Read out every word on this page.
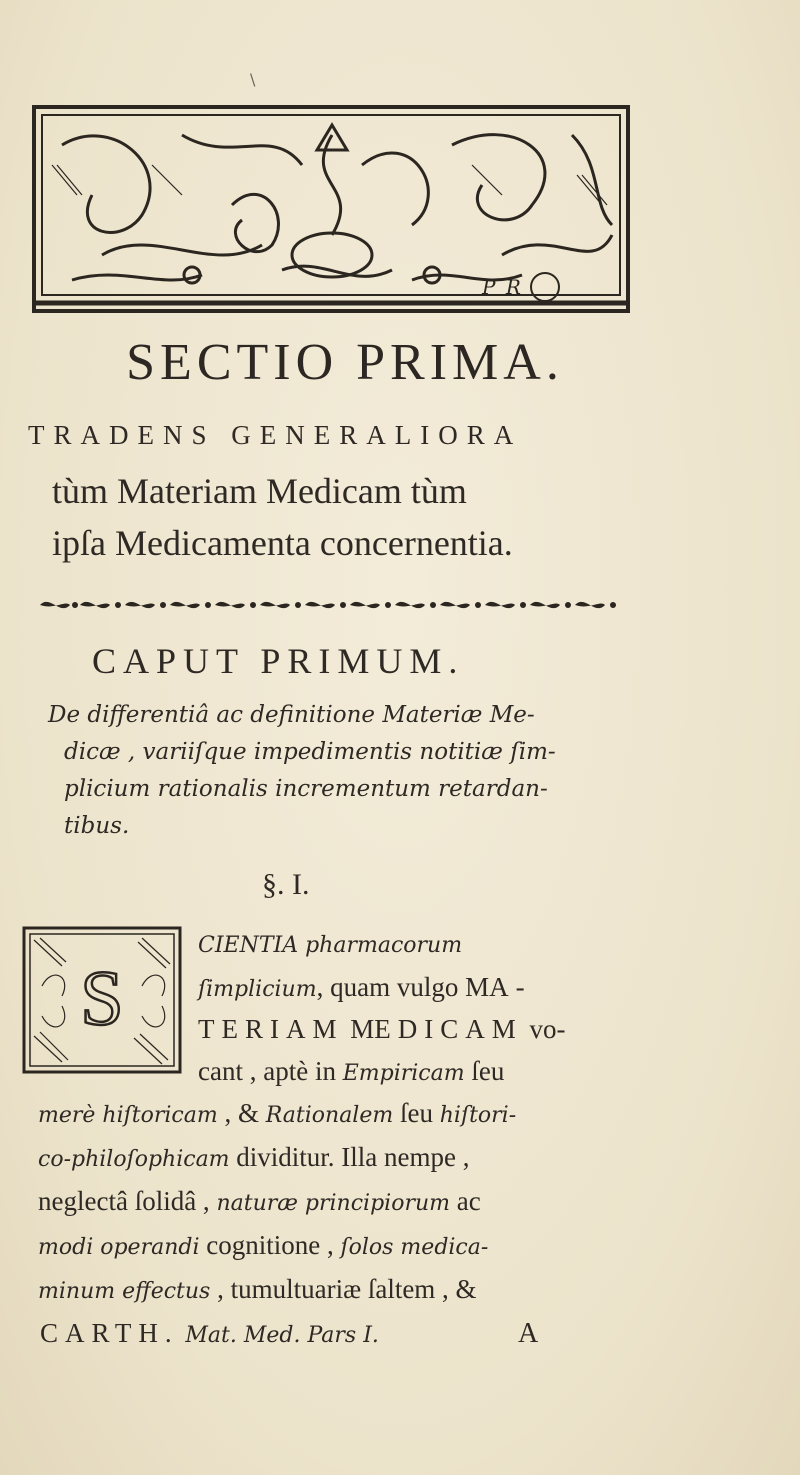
\
P R
SECTIO PRIMA.
TRADENS GENERALIORA
tùm Materiam Medicam tùm
ipſa Medicamenta concernentia.
CAPUT PRIMUM.
De differentiâ ac definitione Materiæ Me-
dicæ , variiſque impedimentis notitiæ ſim-
plicium rationalis incrementum retardan-
tibus.
§. I.
S
CIENTIA pharmacorum
ſimplicium, quam vulgo MA-
TERIAM MEDICAM vo-
cant , aptè in Empiricam ſeu
merè hiſtoricam , & Rationalem ſeu hiſtori-
co-philoſophicam dividitur. Illa nempe ,
neglectâ ſolidâ , naturæ principiorum ac
modi operandi cognitione , ſolos medica-
minum effectus , tumultuariæ ſaltem , &
CARTH. Mat. Med. Pars I.	A
